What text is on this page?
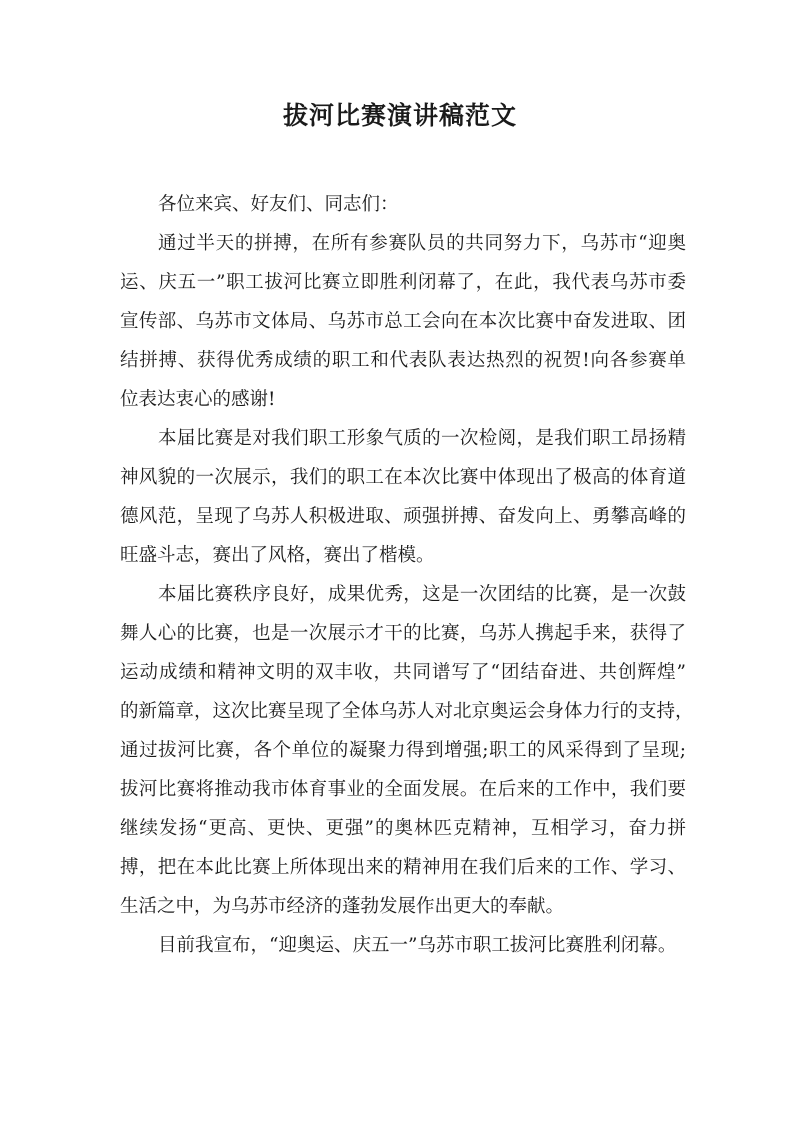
拔河比赛演讲稿范文

各位来宾、好友们、同志们：

通过半天的拼搏，在所有参赛队员的共同努力下，乌苏市“迎奥
运、庆五一”职工拔河比赛立即胜利闭幕了，在此，我代表乌苏市委
宣传部、乌苏市文体局、乌苏市总工会向在本次比赛中奋发进取、团
结拼搏、获得优秀成绩的职工和代表队表达热烈的祝贺!向各参赛单
位表达衷心的感谢!

本届比赛是对我们职工形象气质的一次检阅，是我们职工昂扬精
神风貌的一次展示，我们的职工在本次比赛中体现出了极高的体育道
德风范，呈现了乌苏人积极进取、顽强拼搏、奋发向上、勇攀高峰的
旺盛斗志，赛出了风格，赛出了楷模。

本届比赛秩序良好，成果优秀，这是一次团结的比赛，是一次鼓
舞人心的比赛，也是一次展示才干的比赛，乌苏人携起手来，获得了
运动成绩和精神文明的双丰收，共同谱写了“团结奋进、共创辉煌”
的新篇章，这次比赛呈现了全体乌苏人对北京奥运会身体力行的支持，
通过拔河比赛，各个单位的凝聚力得到增强;职工的风采得到了呈现;
拔河比赛将推动我市体育事业的全面发展。在后来的工作中，我们要
继续发扬“更高、更快、更强”的奥林匹克精神，互相学习，奋力拼
搏，把在本此比赛上所体现出来的精神用在我们后来的工作、学习、
生活之中，为乌苏市经济的蓬勃发展作出更大的奉献。

目前我宣布，“迎奥运、庆五一”乌苏市职工拔河比赛胜利闭幕。
